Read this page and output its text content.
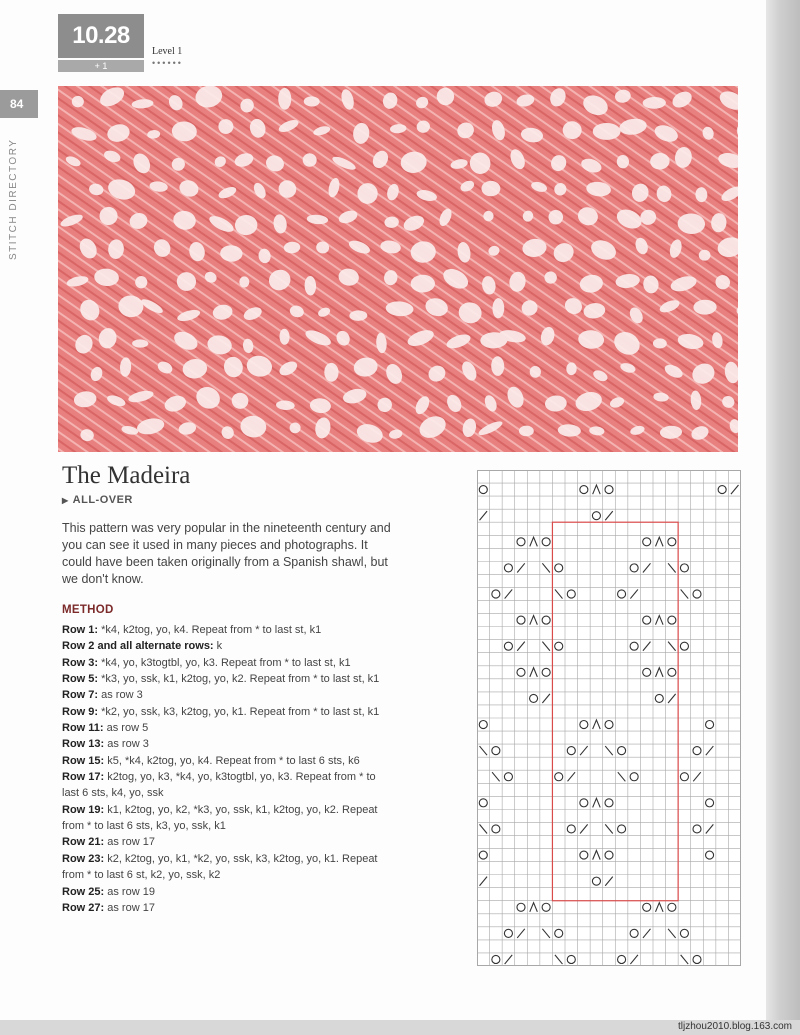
10.28
+ 1
Level 1
••••••
84
STITCH DIRECTORY
The Madeira
▶ ALL-OVER
This pattern was very popular in the nineteenth century and you can see it used in many pieces and photographs. It could have been taken originally from a Spanish shawl, but we don't know.
METHOD

Row 1: *k4, k2tog, yo, k4. Repeat from * to last st, k1

Row 2 and all alternate rows: k

Row 3: *k4, yo, k3togtbl, yo, k3. Repeat from * to last st, k1

Row 5: *k3, yo, ssk, k1, k2tog, yo, k2. Repeat from * to last st, k1

Row 7: as row 3

Row 9: *k2, yo, ssk, k3, k2tog, yo, k1. Repeat from * to last st, k1

Row 11: as row 5

Row 13: as row 3

Row 15: k5, *k4, k2tog, yo, k4. Repeat from * to last 6 sts, k6

Row 17: k2tog, yo, k3, *k4, yo, k3togtbl, yo, k3. Repeat from * to last 6 sts, k4, yo, ssk

Row 19: k1, k2tog, yo, k2, *k3, yo, ssk, k1, k2tog, yo, k2. Repeat from * to last 6 sts, k3, yo, ssk, k1

Row 21: as row 17

Row 23: k2, k2tog, yo, k1, *k2, yo, ssk, k3, k2tog, yo, k1. Repeat from * to last 6 st, k2, yo, ssk, k2

Row 25: as row 19

Row 27: as row 17

tljzhou2010.blog.163.com
